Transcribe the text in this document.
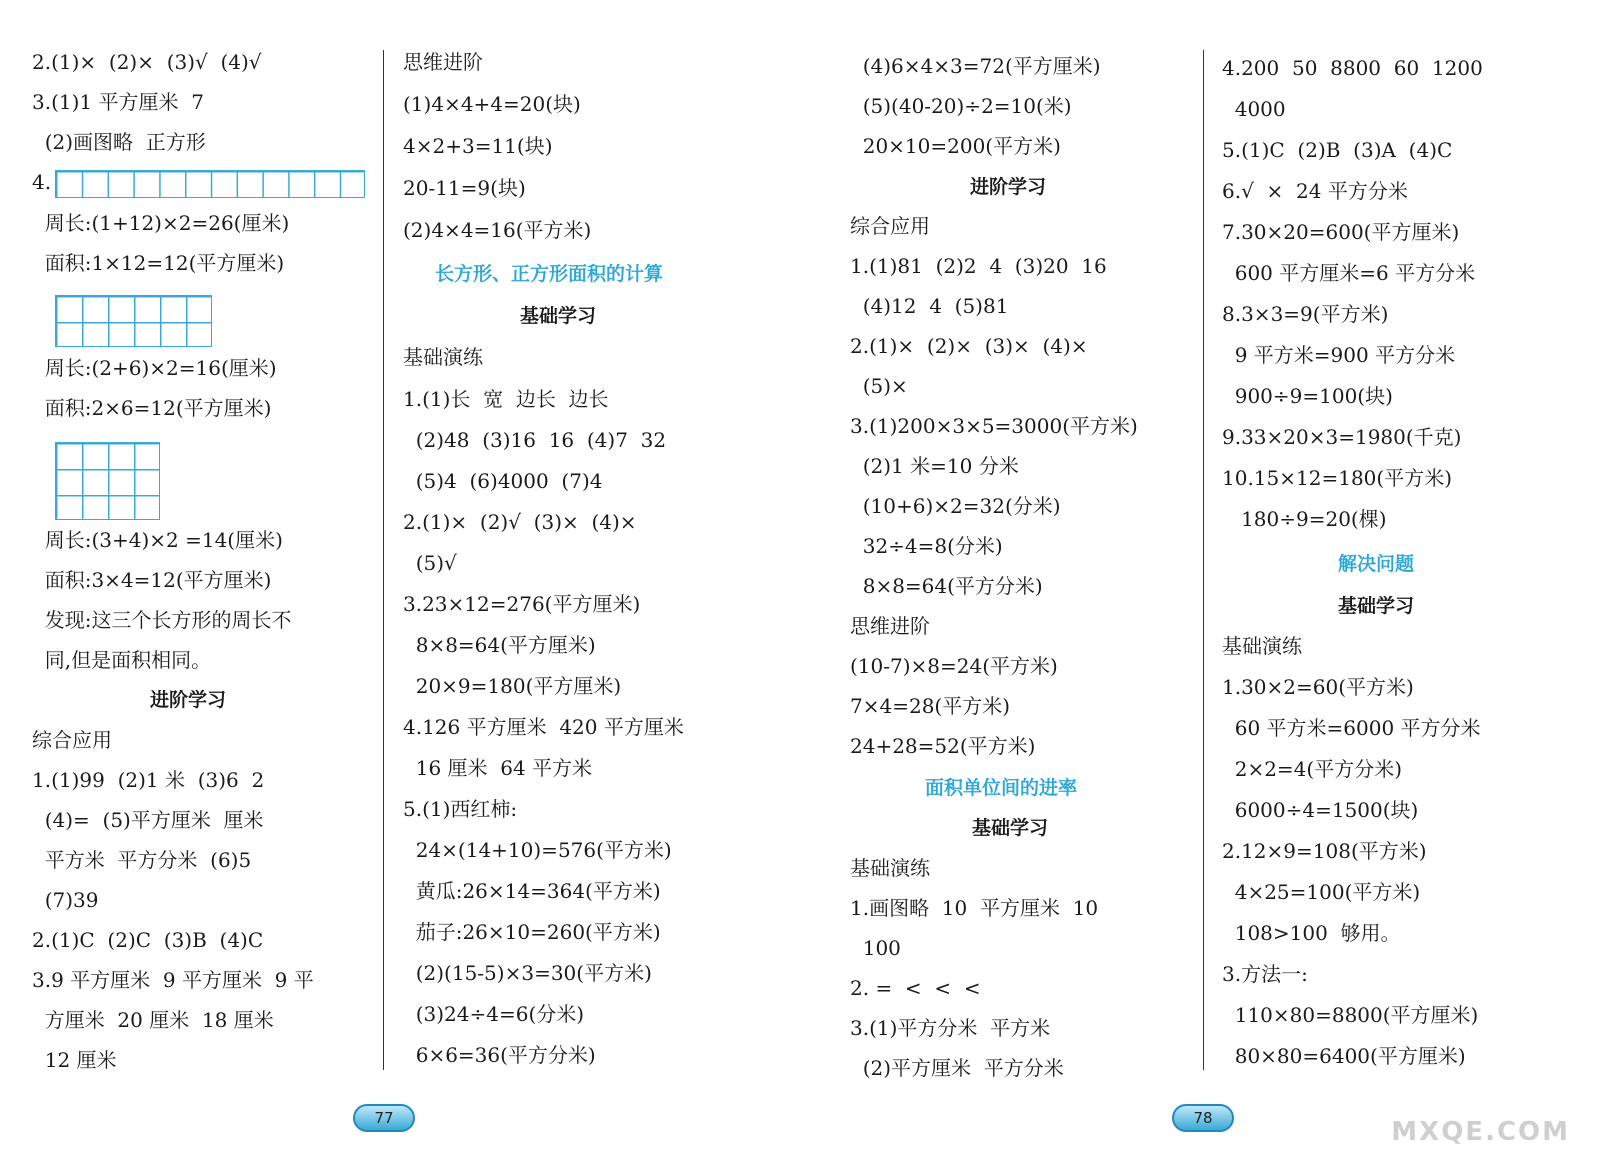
2.(1)×  (2)×  (3)√  (4)√
3.(1)1 平方厘米  7
(2)画图略  正方形
4.
周长:(1+12)×2=26(厘米)
面积:1×12=12(平方厘米)
周长:(2+6)×2=16(厘米)
面积:2×6=12(平方厘米)
周长:(3+4)×2 =14(厘米)
面积:3×4=12(平方厘米)
发现:这三个长方形的周长不
同,但是面积相同。
进阶学习
综合应用
1.(1)99  (2)1 米  (3)6  2
(4)=  (5)平方厘米  厘米
平方米  平方分米  (6)5
(7)39
2.(1)C  (2)C  (3)B  (4)C
3.9 平方厘米  9 平方厘米  9 平
方厘米  20 厘米  18 厘米
12 厘米
思维进阶
(1)4×4+4=20(块)
4×2+3=11(块)
20-11=9(块)
(2)4×4=16(平方米)
长方形、正方形面积的计算
基础学习
基础演练
1.(1)长  宽  边长  边长
(2)48  (3)16  16  (4)7  32
(5)4  (6)4000  (7)4
2.(1)×  (2)√  (3)×  (4)×
(5)√
3.23×12=276(平方厘米)
8×8=64(平方厘米)
20×9=180(平方厘米)
4.126 平方厘米  420 平方厘米
16 厘米  64 平方米
5.(1)西红柿:
24×(14+10)=576(平方米)
黄瓜:26×14=364(平方米)
茄子:26×10=260(平方米)
(2)(15-5)×3=30(平方米)
(3)24÷4=6(分米)
6×6=36(平方分米)
77
(4)6×4×3=72(平方厘米)
(5)(40-20)÷2=10(米)
20×10=200(平方米)
进阶学习
综合应用
1.(1)81  (2)2  4  (3)20  16
(4)12  4  (5)81
2.(1)×  (2)×  (3)×  (4)×
(5)×
3.(1)200×3×5=3000(平方米)
(2)1 米=10 分米
(10+6)×2=32(分米)
32÷4=8(分米)
8×8=64(平方分米)
思维进阶
(10-7)×8=24(平方米)
7×4=28(平方米)
24+28=52(平方米)
面积单位间的进率
基础学习
基础演练
1.画图略  10  平方厘米  10
100
2. =  <  <  <
3.(1)平方分米  平方米
(2)平方厘米  平方分米
4.200  50  8800  60  1200
4000
5.(1)C  (2)B  (3)A  (4)C
6.√  ×  24 平方分米
7.30×20=600(平方厘米)
600 平方厘米=6 平方分米
8.3×3=9(平方米)
9 平方米=900 平方分米
900÷9=100(块)
9.33×20×3=1980(千克)
10.15×12=180(平方米)
180÷9=20(棵)
解决问题
基础学习
基础演练
1.30×2=60(平方米)
60 平方米=6000 平方分米
2×2=4(平方分米)
6000÷4=1500(块)
2.12×9=108(平方米)
4×25=100(平方米)
108>100  够用。
3.方法一:
110×80=8800(平方厘米)
80×80=6400(平方厘米)
78	MXQE.COM
